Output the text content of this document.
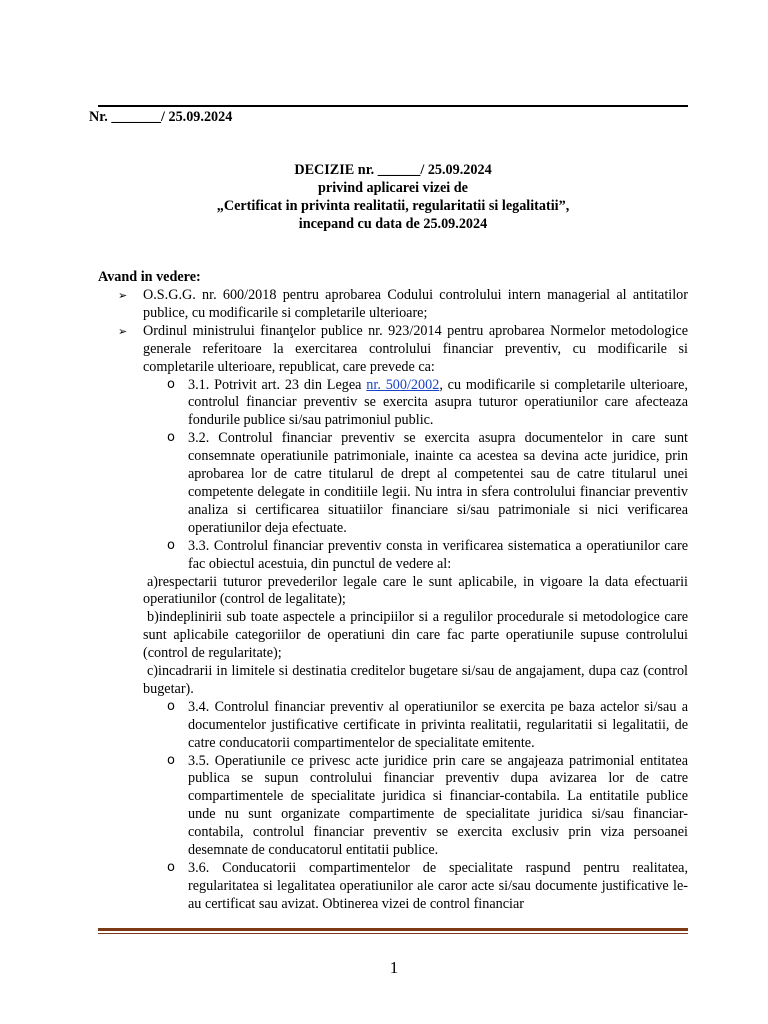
Nr. _______/ 25.09.2024
DECIZIE nr. ______/ 25.09.2024
privind aplicarei vizei de
„Certificat in privinta realitatii, regularitatii si legalitatii”,
incepand cu data de 25.09.2024
Avand in vedere:
➢ O.S.G.G. nr. 600/2018 pentru aprobarea Codului controlului intern managerial al antitatilor publice, cu modificarile si completarile ulterioare;
➢ Ordinul ministrului finanţelor publice nr. 923/2014 pentru aprobarea Normelor metodologice generale referitoare la exercitarea controlului financiar preventiv, cu modificarile si completarile ulterioare, republicat, care prevede ca:
o 3.1. Potrivit art. 23 din Legea nr. 500/2002, cu modificarile si completarile ulterioare, controlul financiar preventiv se exercita asupra tuturor operatiunilor care afecteaza fondurile publice si/sau patrimoniul public.
o 3.2. Controlul financiar preventiv se exercita asupra documentelor in care sunt consemnate operatiunile patrimoniale, inainte ca acestea sa devina acte juridice, prin aprobarea lor de catre titularul de drept al competentei sau de catre titularul unei competente delegate in conditiile legii. Nu intra in sfera controlului financiar preventiv analiza si certificarea situatiilor financiare si/sau patrimoniale si nici verificarea operatiunilor deja efectuate.
o 3.3. Controlul financiar preventiv consta in verificarea sistematica a operatiunilor care fac obiectul acestuia, din punctul de vedere al:
a)respectarii tuturor prevederilor legale care le sunt aplicabile, in vigoare la data efectuarii operatiunilor (control de legalitate);
b)indeplinirii sub toate aspectele a principiilor si a regulilor procedurale si metodologice care sunt aplicabile categoriilor de operatiuni din care fac parte operatiunile supuse controlului (control de regularitate);
c)incadrarii in limitele si destinatia creditelor bugetare si/sau de angajament, dupa caz (control bugetar).
o 3.4. Controlul financiar preventiv al operatiunilor se exercita pe baza actelor si/sau a documentelor justificative certificate in privinta realitatii, regularitatii si legalitatii, de catre conducatorii compartimentelor de specialitate emitente.
o 3.5. Operatiunile ce privesc acte juridice prin care se angajeaza patrimonial entitatea publica se supun controlului financiar preventiv dupa avizarea lor de catre compartimentele de specialitate juridica si financiar-contabila. La entitatile publice unde nu sunt organizate compartimente de specialitate juridica si/sau financiar-contabila, controlul financiar preventiv se exercita exclusiv prin viza persoanei desemnate de conducatorul entitatii publice.
o 3.6. Conducatorii compartimentelor de specialitate raspund pentru realitatea, regularitatea si legalitatea operatiunilor ale caror acte si/sau documente justificative le-au certificat sau avizat. Obtinerea vizei de control financiar
1
